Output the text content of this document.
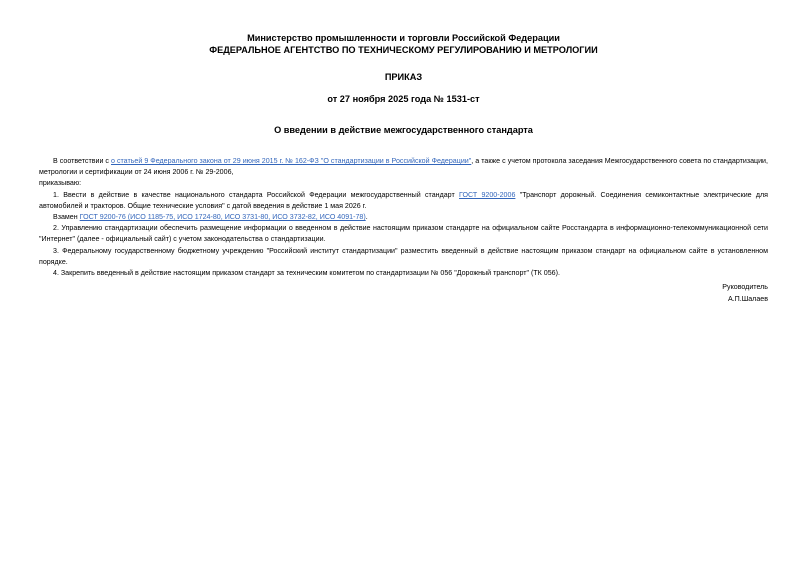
Министерство промышленности и торговли Российской Федерации
ФЕДЕРАЛЬНОЕ АГЕНТСТВО ПО ТЕХНИЧЕСКОМУ РЕГУЛИРОВАНИЮ И МЕТРОЛОГИИ
ПРИКАЗ
от 27 ноября 2025 года № 1531-ст
О введении в действие межгосударственного стандарта

В соответствии с о статьей 9 Федерального закона от 29 июня 2015 г. № 162-ФЗ "О стандартизации в Российской Федерации", а также с учетом протокола заседания Межгосударственного совета по стандартизации, метрологии и сертификации от 24 июня 2006 г. № 29-2006,

приказываю:

1. Ввести в действие в качестве национального стандарта Российской Федерации межгосударственный стандарт ГОСТ 9200-2006 "Транспорт дорожный. Соединения семиконтактные электрические для автомобилей и тракторов. Общие технические условия" с датой введения в действие 1 мая 2026 г.

Взамен ГОСТ 9200-76 (ИСО 1185-75, ИСО 1724-80, ИСО 3731-80, ИСО 3732-82, ИСО 4091-78).

2. Управлению стандартизации обеспечить размещение информации о введенном в действие настоящим приказом стандарте на официальном сайте Росстандарта в информационно-телекоммуникационной сети "Интернет" (далее - официальный сайт) с учетом законодательства о стандартизации.

3. Федеральному государственному бюджетному учреждению "Российский институт стандартизации" разместить введенный в действие настоящим приказом стандарт на официальном сайте в установленном порядке.

4. Закрепить введенный в действие настоящим приказом стандарт за техническим комитетом по стандартизации № 056 "Дорожный транспорт" (ТК 056).

Руководитель
А.П.Шалаев
